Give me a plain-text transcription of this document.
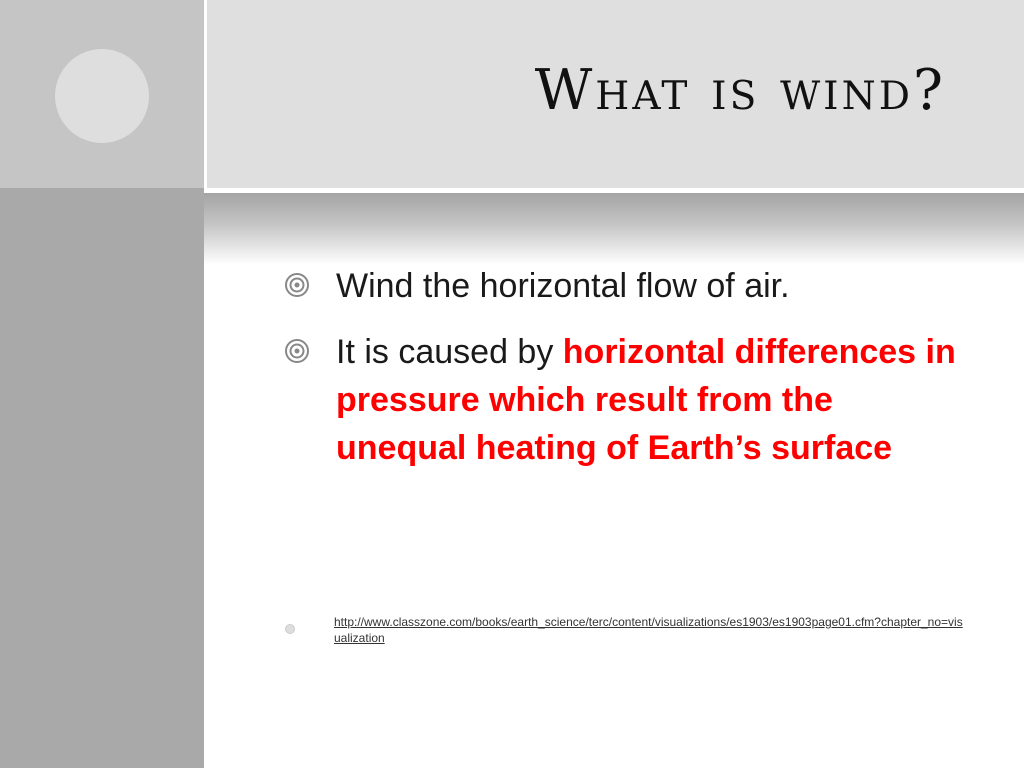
What is wind?
Wind the horizontal flow of air.
It is caused by horizontal differences in pressure which result from the unequal heating of Earth’s surface
http://www.classzone.com/books/earth_science/terc/content/visualizations/es1903/es1903page01.cfm?chapter_no=visualization
